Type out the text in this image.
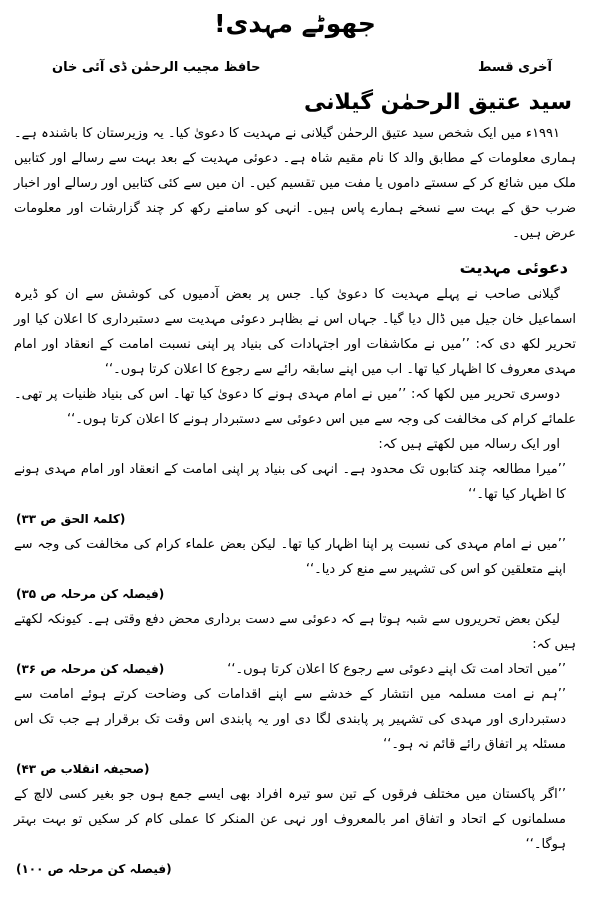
جھوٹے مہدی!
آخری قسط
حافظ مجیب الرحمٰن ڈی آئی خان
سید عتیق الرحمٰن گیلانی

۱۹۹۱ء میں ایک شخص سید عتیق الرحمٰن گیلانی نے مہدیت کا دعویٰ کیا۔ یہ وزیرستان کا باشندہ ہے۔ ہماری معلومات کے مطابق والد کا نام مقیم شاہ ہے۔ دعوئی مہدیت کے بعد بہت سے رسالے اور کتابیں ملک میں شائع کر کے سستے داموں یا مفت میں تقسیم کیں۔ ان میں سے کئی کتابیں اور رسالے اور اخبار ضرب حق کے بہت سے نسخے ہمارے پاس ہیں۔ انہی کو سامنے رکھ کر چند گزارشات اور معلومات عرض ہیں۔

دعوئی مہدیت

گیلانی صاحب نے پہلے مہدیت کا دعویٰ کیا۔ جس پر بعض آدمیوں کی کوشش سے ان کو ڈیرہ اسماعیل خان جیل میں ڈال دیا گیا۔ جہاں اس نے بظاہر دعوئی مہدیت سے دستبرداری کا اعلان کیا اور تحریر لکھ دی کہ: ’’میں نے مکاشفات اور اجتہادات کی بنیاد پر اپنی نسبت امامت کے انعقاد اور امام مہدی معروف کا اظہار کیا تھا۔ اب میں اپنے سابقہ رائے سے رجوع کا اعلان کرتا ہوں۔‘‘

دوسری تحریر میں لکھا کہ: ’’میں نے امام مہدی ہونے کا دعویٰ کیا تھا۔ اس کی بنیاد ظنیات پر تھی۔ علمائے کرام کی مخالفت کی وجہ سے میں اس دعوئی سے دستبردار ہونے کا اعلان کرتا ہوں۔‘‘

اور ایک رسالہ میں لکھتے ہیں کہ:

’’میرا مطالعہ چند کتابوں تک محدود ہے۔ انہی کی بنیاد پر اپنی امامت کے انعقاد اور امام مہدی ہونے کا اظہار کیا تھا۔‘‘

(کلمۃ الحق ص ۳۳)

’’میں نے امام مہدی کی نسبت پر اپنا اظہار کیا تھا۔ لیکن بعض علماء کرام کی مخالفت کی وجہ سے اپنے متعلقین کو اس کی تشہیر سے منع کر دیا۔‘‘

(فیصلہ کن مرحلہ ص ۳۵)

لیکن بعض تحریروں سے شبہ ہوتا ہے کہ دعوئی سے دست برداری محض دفع وقتی ہے۔ کیونکہ لکھتے ہیں کہ:

’’میں اتحاد امت تک اپنے دعوئی سے رجوع کا اعلان کرتا ہوں۔‘‘
(فیصلہ کن مرحلہ ص ۳۶)

’’ہم نے امت مسلمہ میں انتشار کے خدشے سے اپنے اقدامات کی وضاحت کرتے ہوئے امامت سے دستبرداری اور مہدی کی تشہیر پر پابندی لگا دی اور یہ پابندی اس وقت تک برقرار ہے جب تک اس مسئلہ پر اتفاق رائے قائم نہ ہو۔‘‘

(صحیفہ انقلاب ص ۴۳)

’’اگر پاکستان میں مختلف فرقوں کے تین سو تیرہ افراد بھی ایسے جمع ہوں جو بغیر کسی لالچ کے مسلمانوں کے اتحاد و اتفاق امر بالمعروف اور نہی عن المنکر کا عملی کام کر سکیں تو بہت بہتر ہوگا۔‘‘

(فیصلہ کن مرحلہ ص ۱۰۰)
